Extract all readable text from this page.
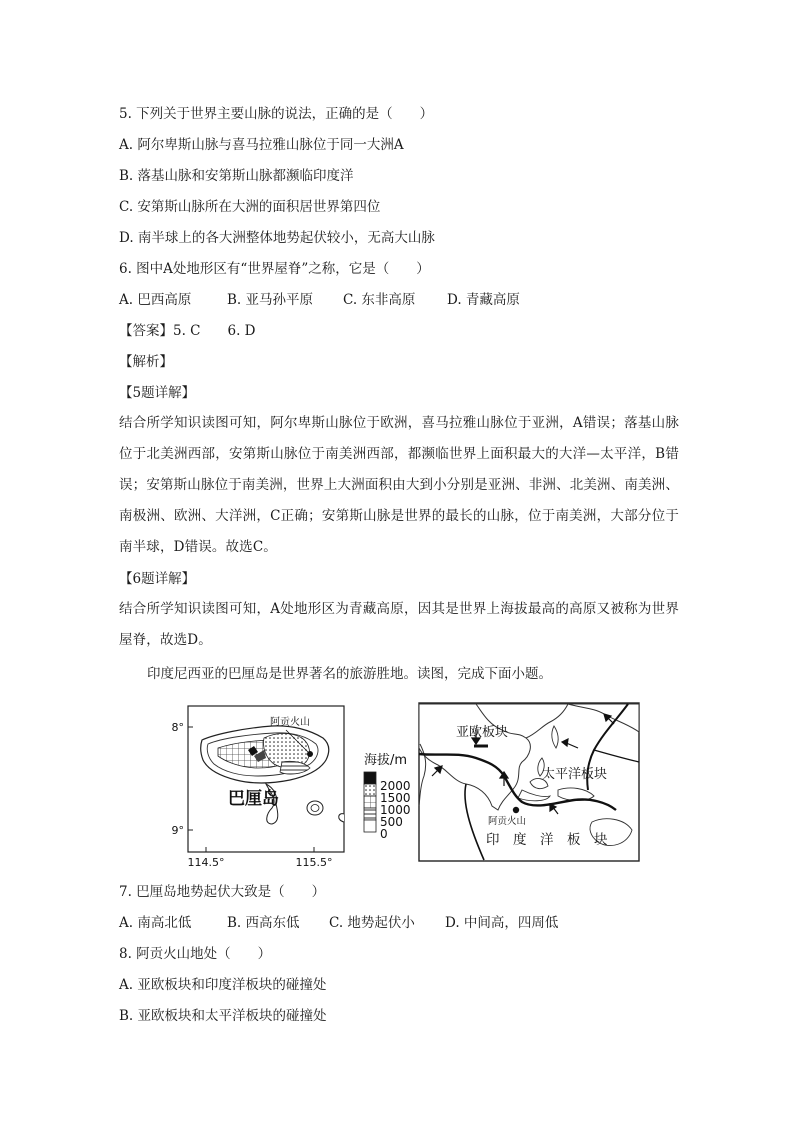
5. 下列关于世界主要山脉的说法，正确的是（　　）
A. 阿尔卑斯山脉与喜马拉雅山脉位于同一大洲A
B. 落基山脉和安第斯山脉都濒临印度洋
C. 安第斯山脉所在大洲的面积居世界第四位
D. 南半球上的各大洲整体地势起伏较小，无高大山脉
6. 图中A处地形区有“世界屋脊”之称，它是（　　）
A. 巴西高原	B. 亚马孙平原 C. 东非高原 D. 青藏高原
【答案】5. C　　6. D
【解析】
【5题详解】
结合所学知识读图可知，阿尔卑斯山脉位于欧洲，喜马拉雅山脉位于亚洲，A错误；落基山脉位于北美洲西部，安第斯山脉位于南美洲西部，都濒临世界上面积最大的大洋—太平洋，B错误；安第斯山脉位于南美洲，世界上大洲面积由大到小分别是亚洲、非洲、北美洲、南美洲、南极洲、欧洲、大洋洲，C正确；安第斯山脉是世界的最长的山脉，位于南美洲，大部分位于南半球，D错误。故选C。
【6题详解】
结合所学知识读图可知，A处地形区为青藏高原，因其是世界上海拔最高的高原又被称为世界屋脊，故选D。
印度尼西亚的巴厘岛是世界著名的旅游胜地。读图，完成下面小题。
8°
9°
114.5°	115.5°
阿贡火山
巴厘岛
海拔/m
2000
1500
1000
500
0
亚欧板块
太平洋板块
阿贡火山
印　度　洋　板　块
7. 巴厘岛地势起伏大致是（　　）
A. 南高北低	B. 西高东低 C. 地势起伏小 D. 中间高，四周低
8. 阿贡火山地处（　　）
A. 亚欧板块和印度洋板块的碰撞处
B. 亚欧板块和太平洋板块的碰撞处
